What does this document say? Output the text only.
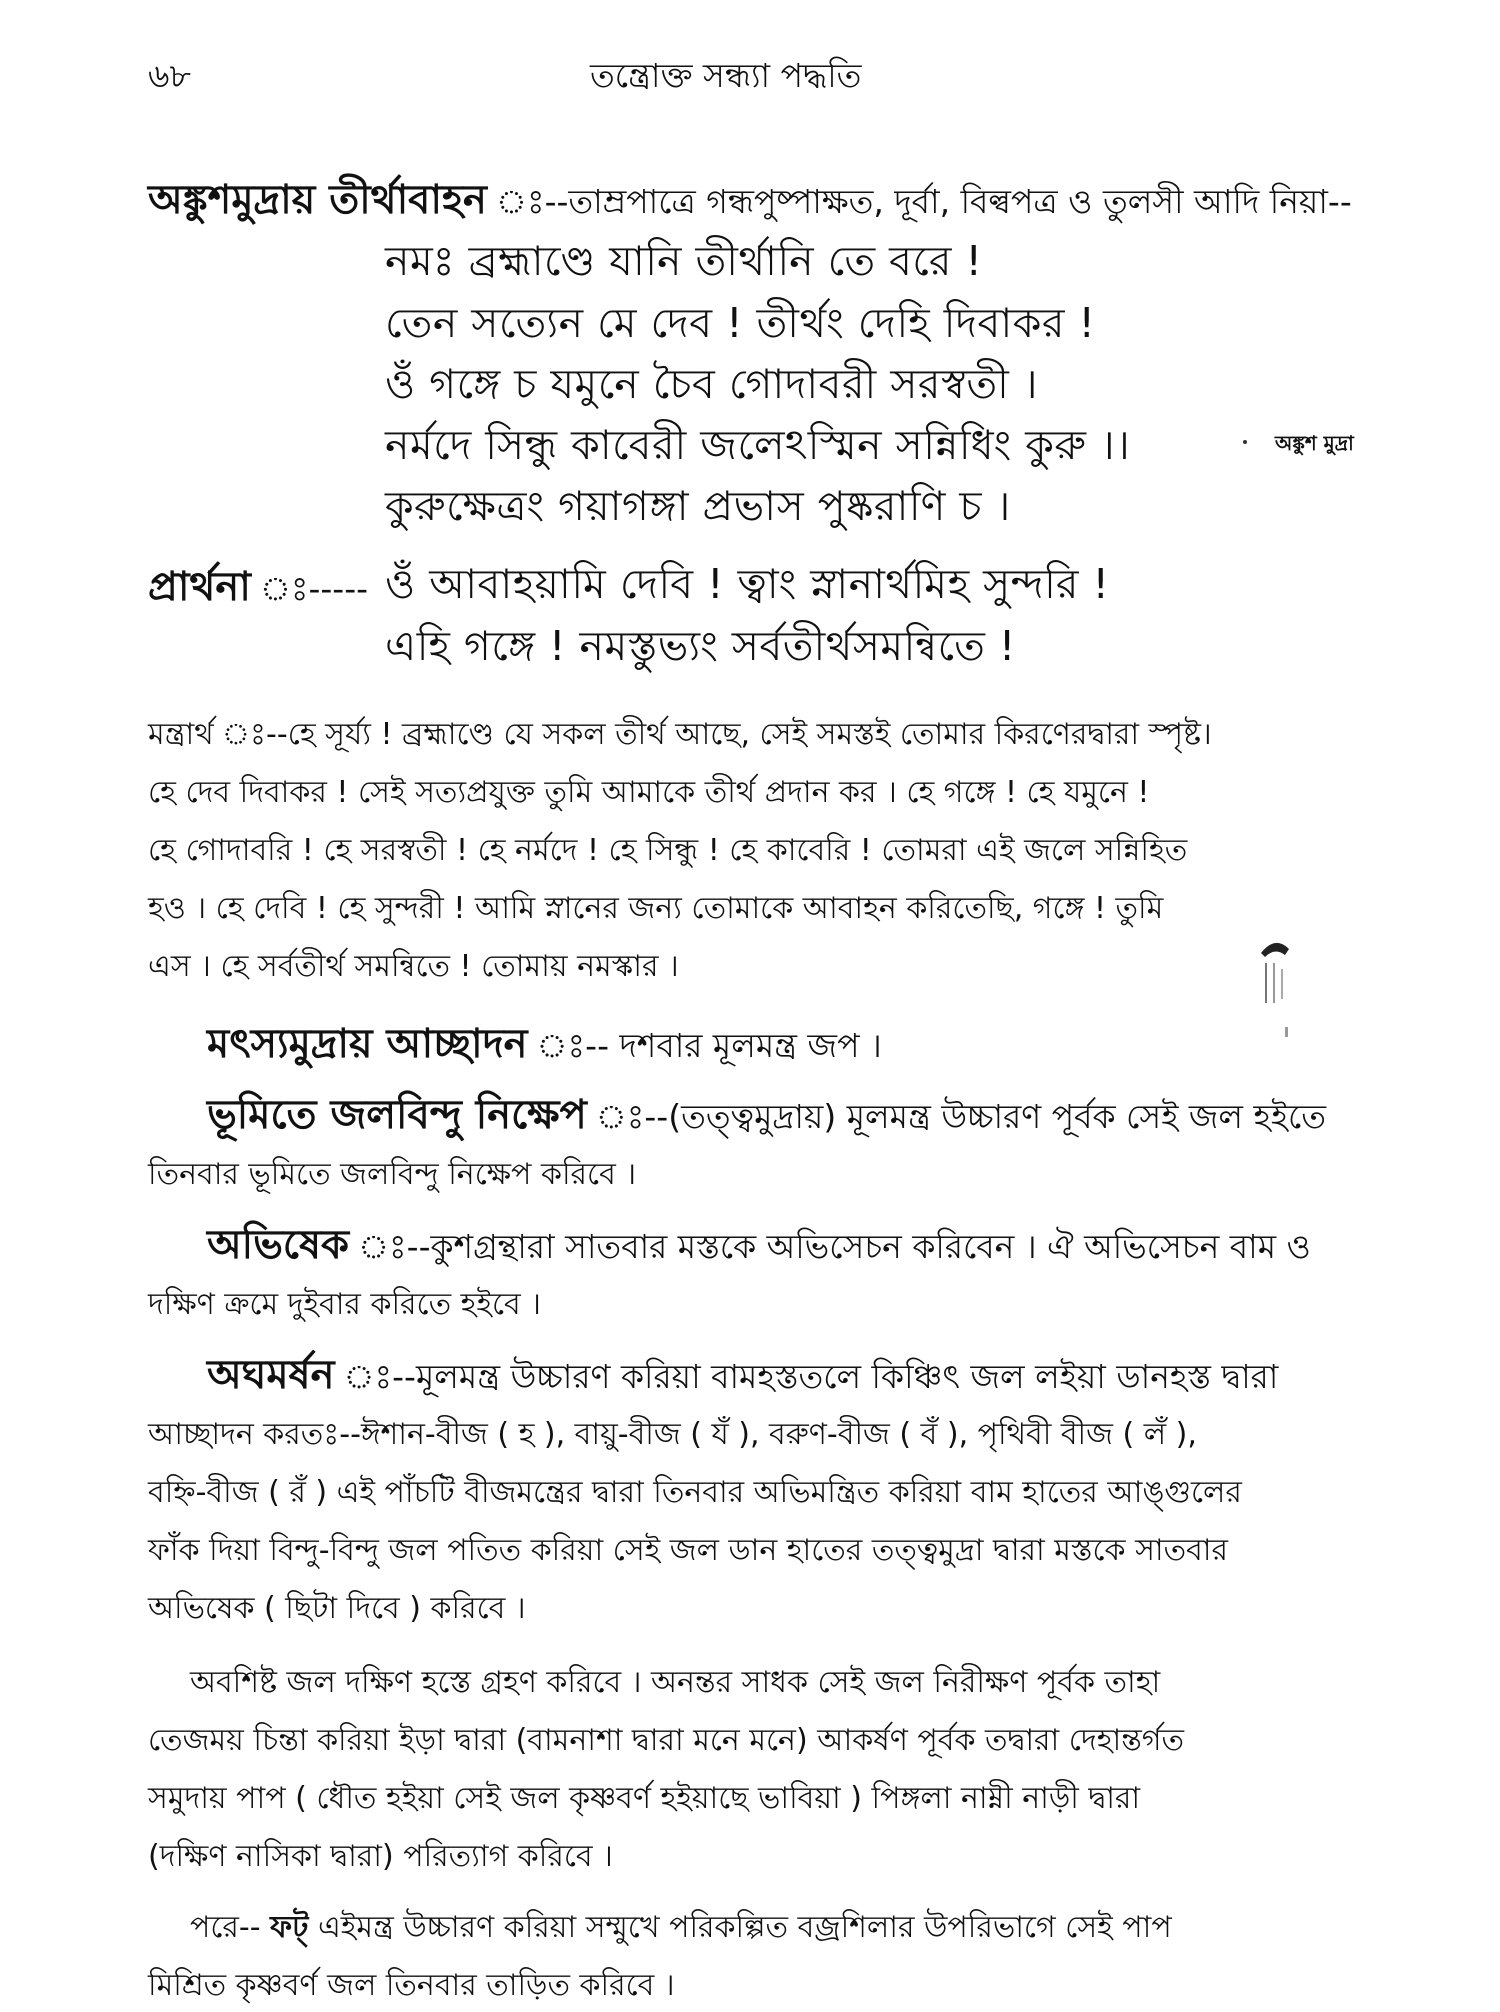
৬৮	তন্ত্রোক্ত সন্ধ্যা পদ্ধতি
অঙ্কুশমুদ্রায় তীর্থাবাহন ঃ--তাম্রপাত্রে গন্ধপুষ্পাক্ষত, দূর্বা, বিল্বপত্র ও তুলসী আদি নিয়া--
নমঃ ব্রহ্মাণ্ডে যানি তীর্থানি তে বরে !
তেন সত্যেন মে দেব ! তীর্থং দেহি দিবাকর !
ওঁ গঙ্গে চ যমুনে চৈব গোদাবরী সরস্বতী ।
নর্মদে সিন্ধু কাবেরী জলেঽস্মিন সন্নিধিং কুরু ।।
কুরুক্ষেত্রং গয়াগঙ্গা প্রভাস পুষ্করাণি চ ।
অঙ্কুশ মুদ্রা
প্রার্থনা ঃ----- ওঁ আবাহয়ামি দেবি ! ত্বাং স্নানার্থমিহ সুন্দরি !
এহি গঙ্গে ! নমস্তুভ্যং সর্বতীর্থসমন্বিতে !
মন্ত্রার্থ ঃ--হে সূর্য্য ! ব্রহ্মাণ্ডে যে সকল তীর্থ আছে, সেই সমস্তই তোমার কিরণেরদ্বারা স্পৃষ্ট।
হে দেব দিবাকর ! সেই সত্যপ্রযুক্ত তুমি আমাকে তীর্থ প্রদান কর । হে গঙ্গে ! হে যমুনে !
হে গোদাবরি ! হে সরস্বতী ! হে নর্মদে ! হে সিন্ধু ! হে কাবেরি ! তোমরা এই জলে সন্নিহিত
হও । হে দেবি ! হে সুন্দরী ! আমি স্নানের জন্য তোমাকে আবাহন করিতেছি, গঙ্গে ! তুমি
এস । হে সর্বতীর্থ সমন্বিতে ! তোমায় নমস্কার ।
মৎস্যমুদ্রায় আচ্ছাদন ঃ-- দশবার মূলমন্ত্র জপ ।
ভূমিতে জলবিন্দু নিক্ষেপ ঃ--(তত্ত্বমুদ্রায়) মূলমন্ত্র উচ্চারণ পূর্বক সেই জল হইতে
তিনবার ভূমিতে জলবিন্দু নিক্ষেপ করিবে ।
অভিষেক ঃ--কুশগ্রন্থারা সাতবার মস্তকে অভিসেচন করিবেন । ঐ অভিসেচন বাম ও
দক্ষিণ ক্রমে দুইবার করিতে হইবে ।
অঘমর্ষন ঃ--মূলমন্ত্র উচ্চারণ করিয়া বামহস্ততলে কিঞ্চিৎ জল লইয়া ডানহস্ত দ্বারা
আচ্ছাদন করতঃ--ঈশান-বীজ ( হ ), বায়ু-বীজ ( যঁ ), বরুণ-বীজ ( বঁ ), পৃথিবী বীজ ( লঁ ),
বহ্নি-বীজ ( রঁ ) এই পাঁচটি বীজমন্ত্রের দ্বারা তিনবার অভিমন্ত্রিত করিয়া বাম হাতের আঙ্গুলের
ফাঁক দিয়া বিন্দু-বিন্দু জল পতিত করিয়া সেই জল ডান হাতের তত্ত্বমুদ্রা দ্বারা মস্তকে সাতবার
অভিষেক ( ছিটা দিবে ) করিবে ।
অবশিষ্ট জল দক্ষিণ হস্তে গ্রহণ করিবে । অনন্তর সাধক সেই জল নিরীক্ষণ পূর্বক তাহা
তেজময় চিন্তা করিয়া ইড়া দ্বারা (বামনাশা দ্বারা মনে মনে) আকর্ষণ পূর্বক তদ্বারা দেহান্তর্গত
সমুদায় পাপ ( ধৌত হইয়া সেই জল কৃষ্ণবর্ণ হইয়াছে ভাবিয়া ) পিঙ্গলা নাম্নী নাড়ী দ্বারা
(দক্ষিণ নাসিকা দ্বারা) পরিত্যাগ করিবে ।
পরে-- ফট্ এইমন্ত্র উচ্চারণ করিয়া সম্মুখে পরিকল্পিত বজ্রশিলার উপরিভাগে সেই পাপ
মিশ্রিত কৃষ্ণবর্ণ জল তিনবার তাড়িত করিবে ।
